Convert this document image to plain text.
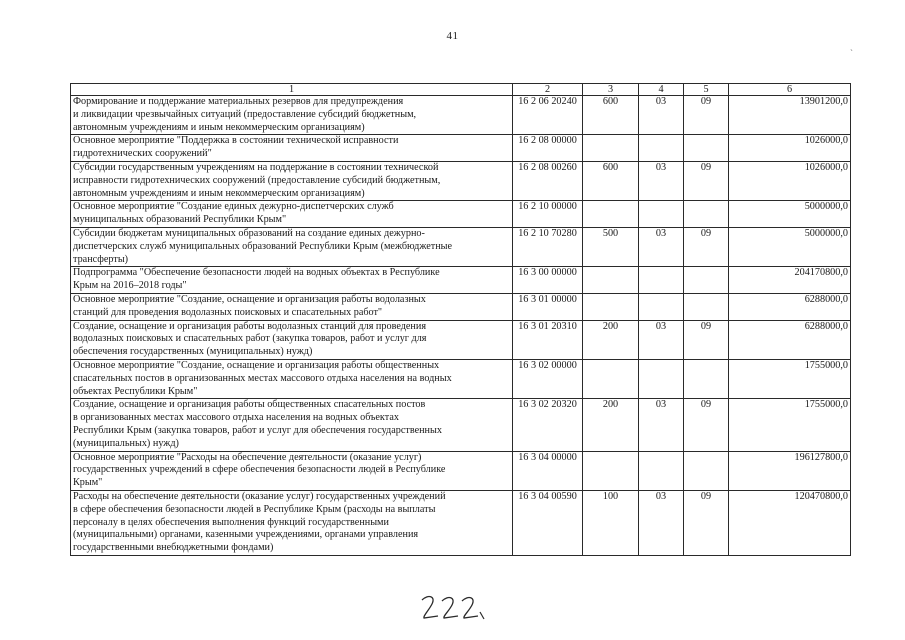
41
`
1	2	3	4	5	6
Формирование и поддержание материальных резервов для предупреждения
и ликвидации чрезвычайных ситуаций (предоставление субсидий бюджетным,
автономным учреждениям и иным некоммерческим организациям)	16 2 06 20240	600	03	09	13901200,0
Основное мероприятие "Поддержка в состоянии технической исправности
гидротехнических сооружений"	16 2 08 00000				1026000,0
Субсидии государственным учреждениям на поддержание в состоянии технической
исправности гидротехнических сооружений (предоставление субсидий бюджетным,
автономным учреждениям и иным некоммерческим организациям)	16 2 08 00260	600	03	09	1026000,0
Основное мероприятие "Создание единых дежурно-диспетчерских служб
муниципальных образований Республики Крым"	16 2 10 00000				5000000,0
Субсидии бюджетам муниципальных образований на создание единых дежурно-
диспетчерских служб муниципальных образований Республики Крым (межбюджетные
трансферты)	16 2 10 70280	500	03	09	5000000,0
Подпрограмма "Обеспечение безопасности людей на водных объектах в Республике
Крым на 2016–2018 годы"	16 3 00 00000				204170800,0
Основное мероприятие "Создание, оснащение и организация работы водолазных
станций для проведения водолазных поисковых и спасательных работ"	16 3 01 00000				6288000,0
Создание, оснащение и организация работы водолазных станций для проведения
водолазных поисковых и спасательных работ (закупка товаров, работ и услуг для
обеспечения государственных (муниципальных) нужд)	16 3 01 20310	200	03	09	6288000,0
Основное мероприятие "Создание, оснащение и организация работы общественных
спасательных постов в организованных местах массового отдыха населения на водных
объектах Республики Крым"	16 3 02 00000				1755000,0
Создание, оснащение и организация работы общественных спасательных постов
в организованных местах массового отдыха населения на водных объектах
Республики Крым (закупка товаров, работ и услуг для обеспечения государственных
(муниципальных) нужд)	16 3 02 20320	200	03	09	1755000,0
Основное мероприятие "Расходы на обеспечение деятельности (оказание услуг)
государственных учреждений в сфере обеспечения безопасности людей в Республике
Крым"	16 3 04 00000				196127800,0
Расходы на обеспечение деятельности (оказание услуг) государственных учреждений
в сфере обеспечения безопасности людей в Республике Крым (расходы на выплаты
персоналу в целях обеспечения выполнения функций государственными
(муниципальными) органами, казенными учреждениями, органами управления
государственными внебюджетными фондами)	16 3 04 00590	100	03	09	120470800,0
